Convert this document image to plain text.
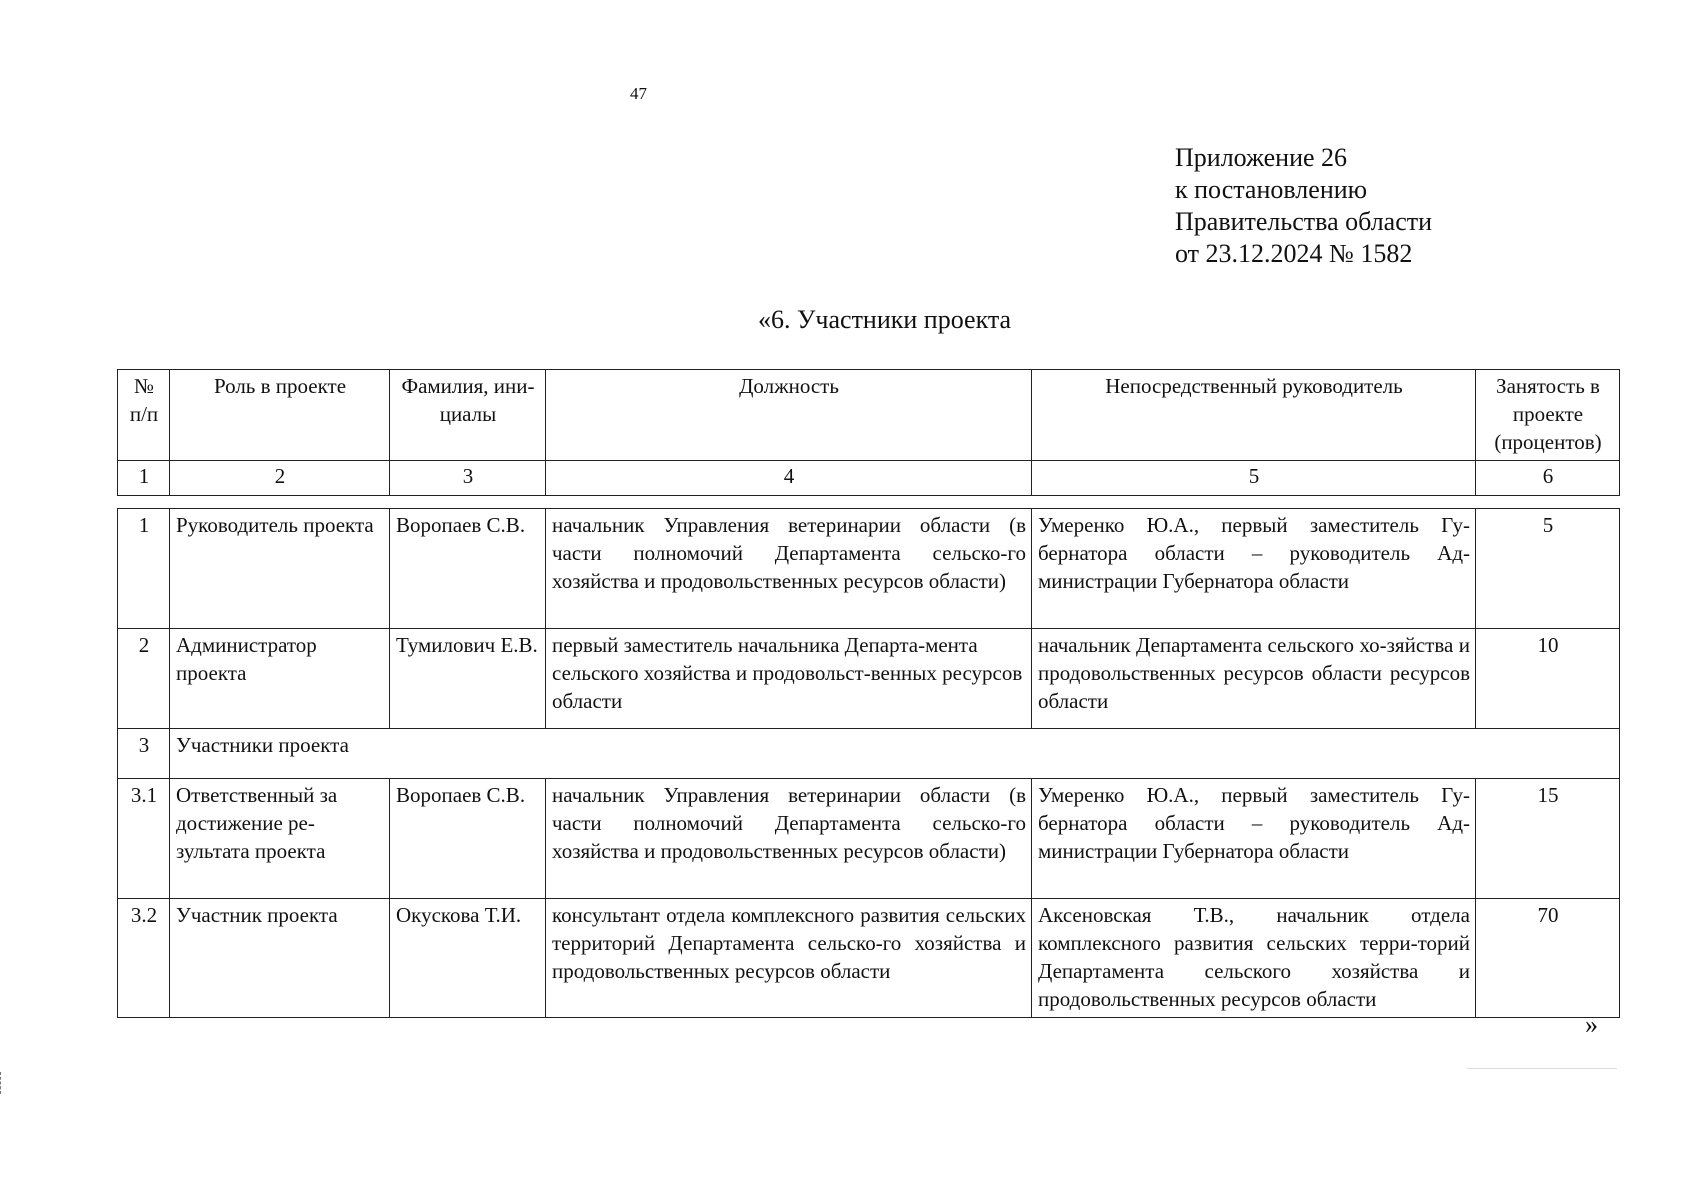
47
Приложение 26
к постановлению
Правительства области
от 23.12.2024 № 1582
«6. Участники проекта
№ п/п	Роль в проекте	Фамилия, ини-циалы	Должность	Непосредственный руководитель	Занятость в проекте (процентов)
1	2	3	4	5	6

1	Руководитель проекта	Воропаев С.В.	начальник Управления ветеринарии области (в части полномочий Департамента сельско-го хозяйства и продовольственных ресурсов области)	Умеренко Ю.А., первый заместитель Гу-бернатора области – руководитель Ад-министрации Губернатора области	5
2	Администратор проекта	Тумилович Е.В.	первый заместитель начальника Департа-мента сельского хозяйства и продовольст-венных ресурсов области	начальник Департамента сельского хо-зяйства и продовольственных ресурсов области ресурсов области	10
3	Участники проекта				
3.1	Ответственный за достижение ре-зультата проекта	Воропаев С.В.	начальник Управления ветеринарии области (в части полномочий Департамента сельско-го хозяйства и продовольственных ресурсов области)	Умеренко Ю.А., первый заместитель Гу-бернатора области – руководитель Ад-министрации Губернатора области	15
3.2	Участник проекта	Окускова Т.И.	консультант отдела комплексного развития сельских территорий Департамента сельско-го хозяйства и продовольственных ресурсов области	Аксеновская Т.В., начальник отдела комплексного развития сельских терри-торий Департамента сельского хозяйства и продовольственных ресурсов области	70
»
